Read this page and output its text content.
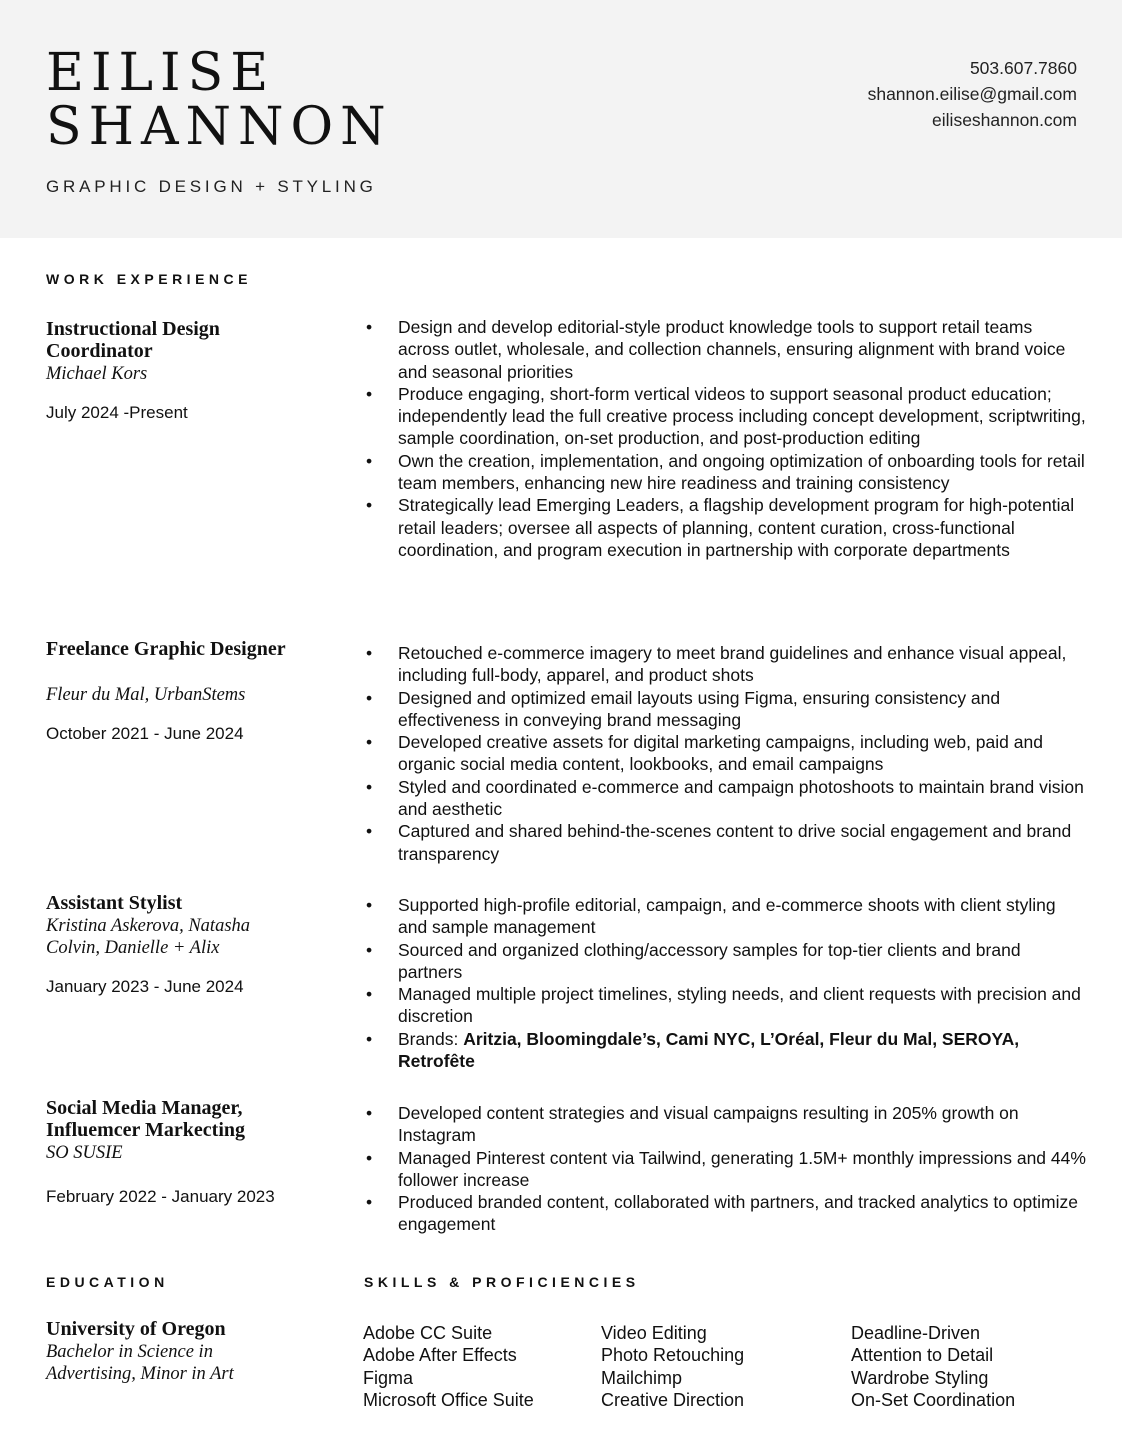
EILISE
SHANNON
GRAPHIC DESIGN + STYLING
503.607.7860
shannon.eilise@gmail.com
eiliseshannon.com
WORK EXPERIENCE
Instructional Design Coordinator
Michael Kors
July 2024 -Present
• Design and develop editorial-style product knowledge tools to support retail teams across outlet, wholesale, and collection channels, ensuring alignment with brand voice and seasonal priorities
• Produce engaging, short-form vertical videos to support seasonal product education; independently lead the full creative process including concept development, scriptwriting, sample coordination, on-set production, and post-production editing
• Own the creation, implementation, and ongoing optimization of onboarding tools for retail team members, enhancing new hire readiness and training consistency
• Strategically lead Emerging Leaders, a flagship development program for high-potential retail leaders; oversee all aspects of planning, content curation, cross-functional coordination, and program execution in partnership with corporate departments
Freelance Graphic Designer
Fleur du Mal, UrbanStems
October 2021 - June 2024
• Retouched e-commerce imagery to meet brand guidelines and enhance visual appeal, including full-body, apparel, and product shots
• Designed and optimized email layouts using Figma, ensuring consistency and effectiveness in conveying brand messaging
• Developed creative assets for digital marketing campaigns, including web, paid and organic social media content, lookbooks, and email campaigns
• Styled and coordinated e-commerce and campaign photoshoots to maintain brand vision and aesthetic
• Captured and shared behind-the-scenes content to drive social engagement and brand transparency
Assistant Stylist
Kristina Askerova, Natasha Colvin, Danielle + Alix
January 2023 - June 2024
• Supported high-profile editorial, campaign, and e-commerce shoots with client styling and sample management
• Sourced and organized clothing/accessory samples for top-tier clients and brand partners
• Managed multiple project timelines, styling needs, and client requests with precision and discretion
• Brands: Aritzia, Bloomingdale’s, Cami NYC, L’Oréal, Fleur du Mal, SEROYA, Retrofête
Social Media Manager, Influemcer Markecting
SO SUSIE
February 2022 - January 2023
• Developed content strategies and visual campaigns resulting in 205% growth on Instagram
• Managed Pinterest content via Tailwind, generating 1.5M+ monthly impressions and 44% follower increase
• Produced branded content, collaborated with partners, and tracked analytics to optimize engagement
EDUCATION
University of Oregon
Bachelor in Science in Advertising, Minor in Art
SKILLS & PROFICIENCIES
Adobe CC Suite
Adobe After Effects
Figma
Microsoft Office Suite
Video Editing
Photo Retouching
Mailchimp
Creative Direction
Deadline-Driven
Attention to Detail
Wardrobe Styling
On-Set Coordination
